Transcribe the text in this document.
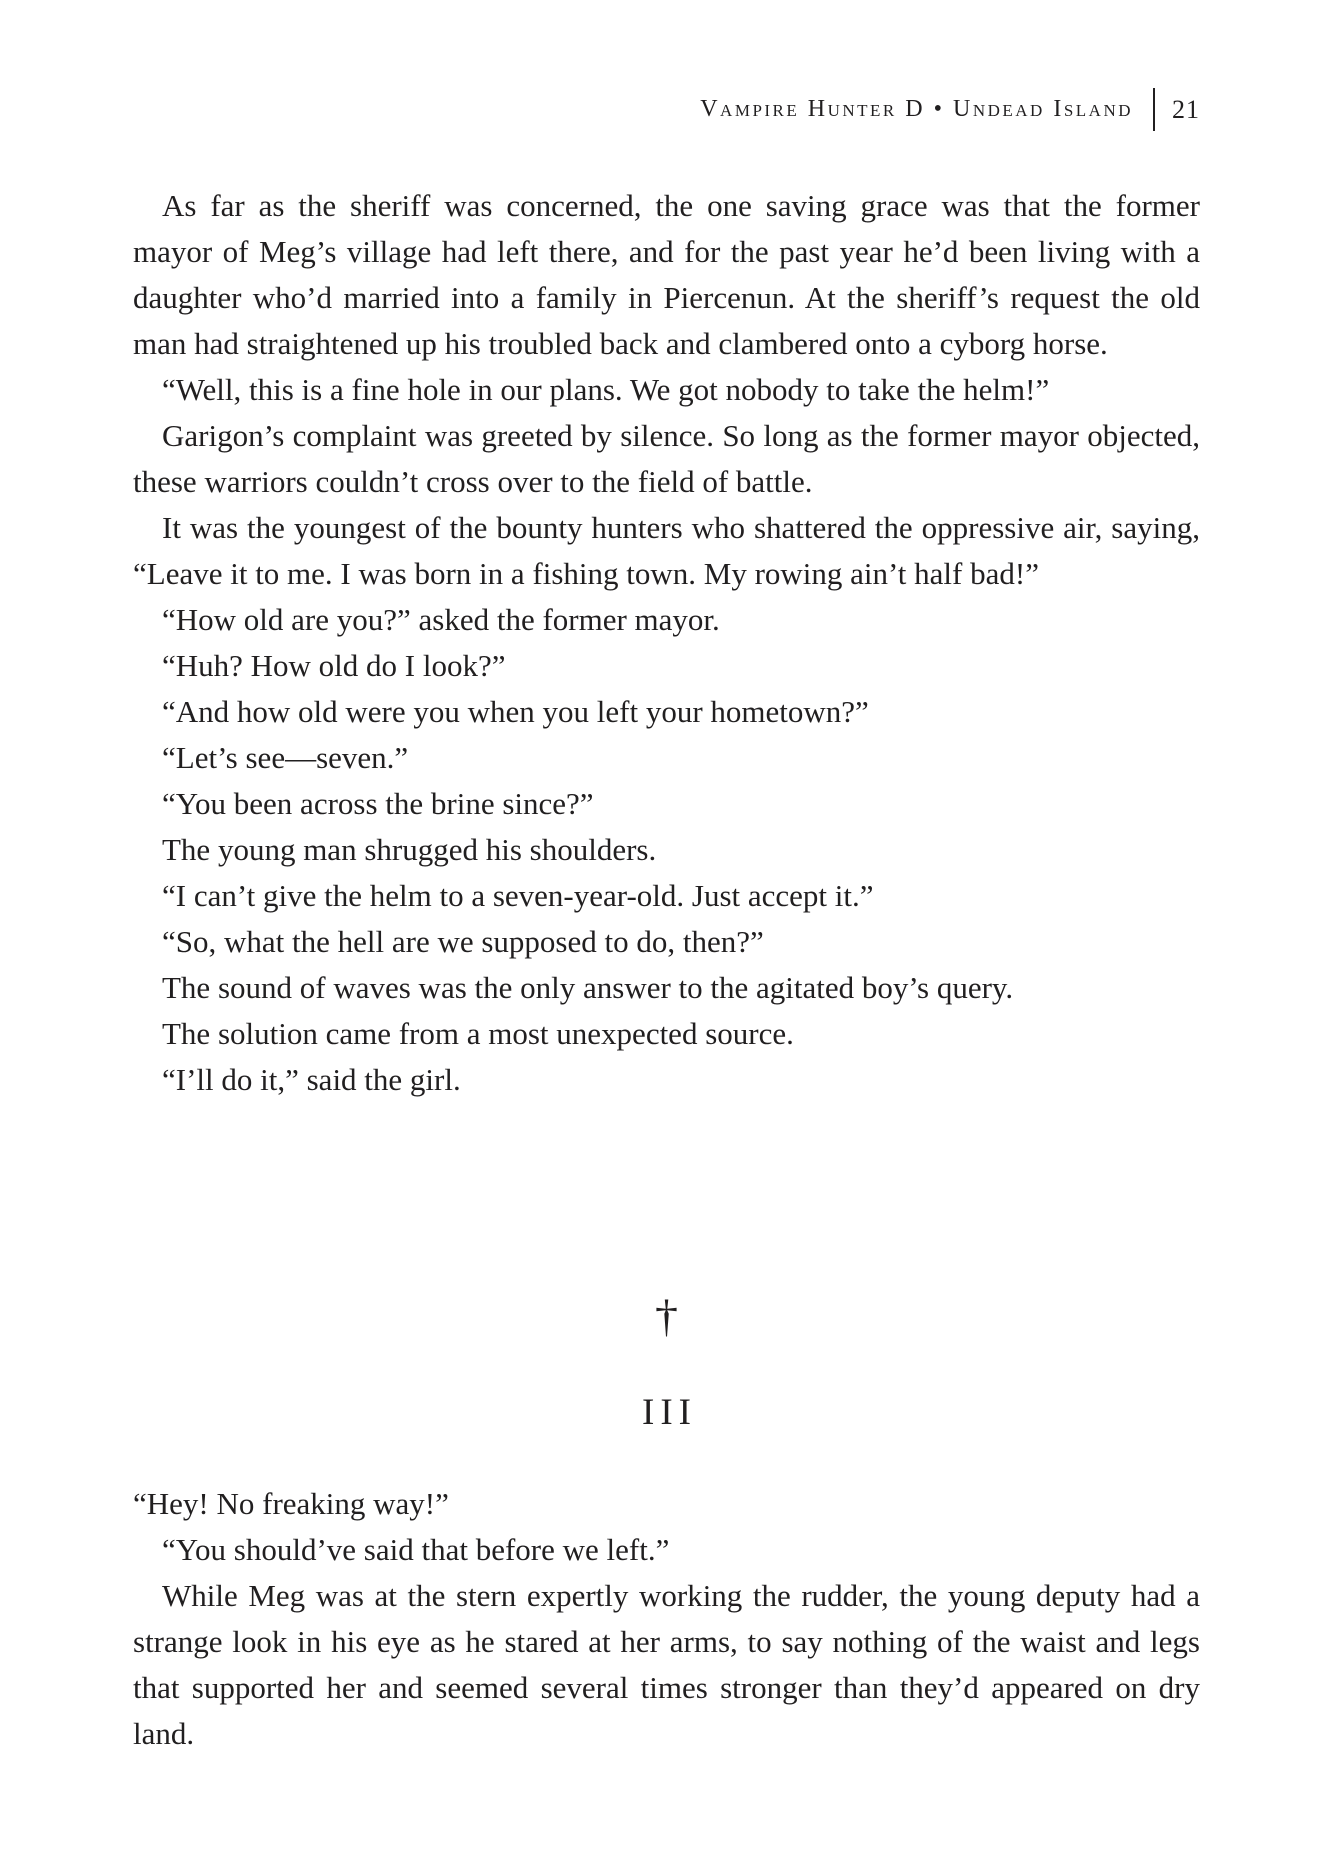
Vampire Hunter D • Undead Island 21

As far as the sheriff was concerned, the one saving grace was that the former mayor of Meg’s village had left there, and for the past year he’d been living with a daughter who’d married into a family in Piercenun. At the sheriff’s request the old man had straightened up his troubled back and clambered onto a cyborg horse.

“Well, this is a fine hole in our plans. We got nobody to take the helm!”

Garigon’s complaint was greeted by silence. So long as the former mayor objected, these warriors couldn’t cross over to the field of battle.

It was the youngest of the bounty hunters who shattered the oppressive air, saying, “Leave it to me. I was born in a fishing town. My rowing ain’t half bad!”

“How old are you?” asked the former mayor.

“Huh? How old do I look?”

“And how old were you when you left your hometown?”

“Let’s see—seven.”

“You been across the brine since?”

The young man shrugged his shoulders.

“I can’t give the helm to a seven-year-old. Just accept it.”

“So, what the hell are we supposed to do, then?”

The sound of waves was the only answer to the agitated boy’s query.

The solution came from a most unexpected source.

“I’ll do it,” said the girl.

†
III

“Hey! No freaking way!”

“You should’ve said that before we left.”

While Meg was at the stern expertly working the rudder, the young deputy had a strange look in his eye as he stared at her arms, to say nothing of the waist and legs that supported her and seemed several times stronger than they’d appeared on dry land.
